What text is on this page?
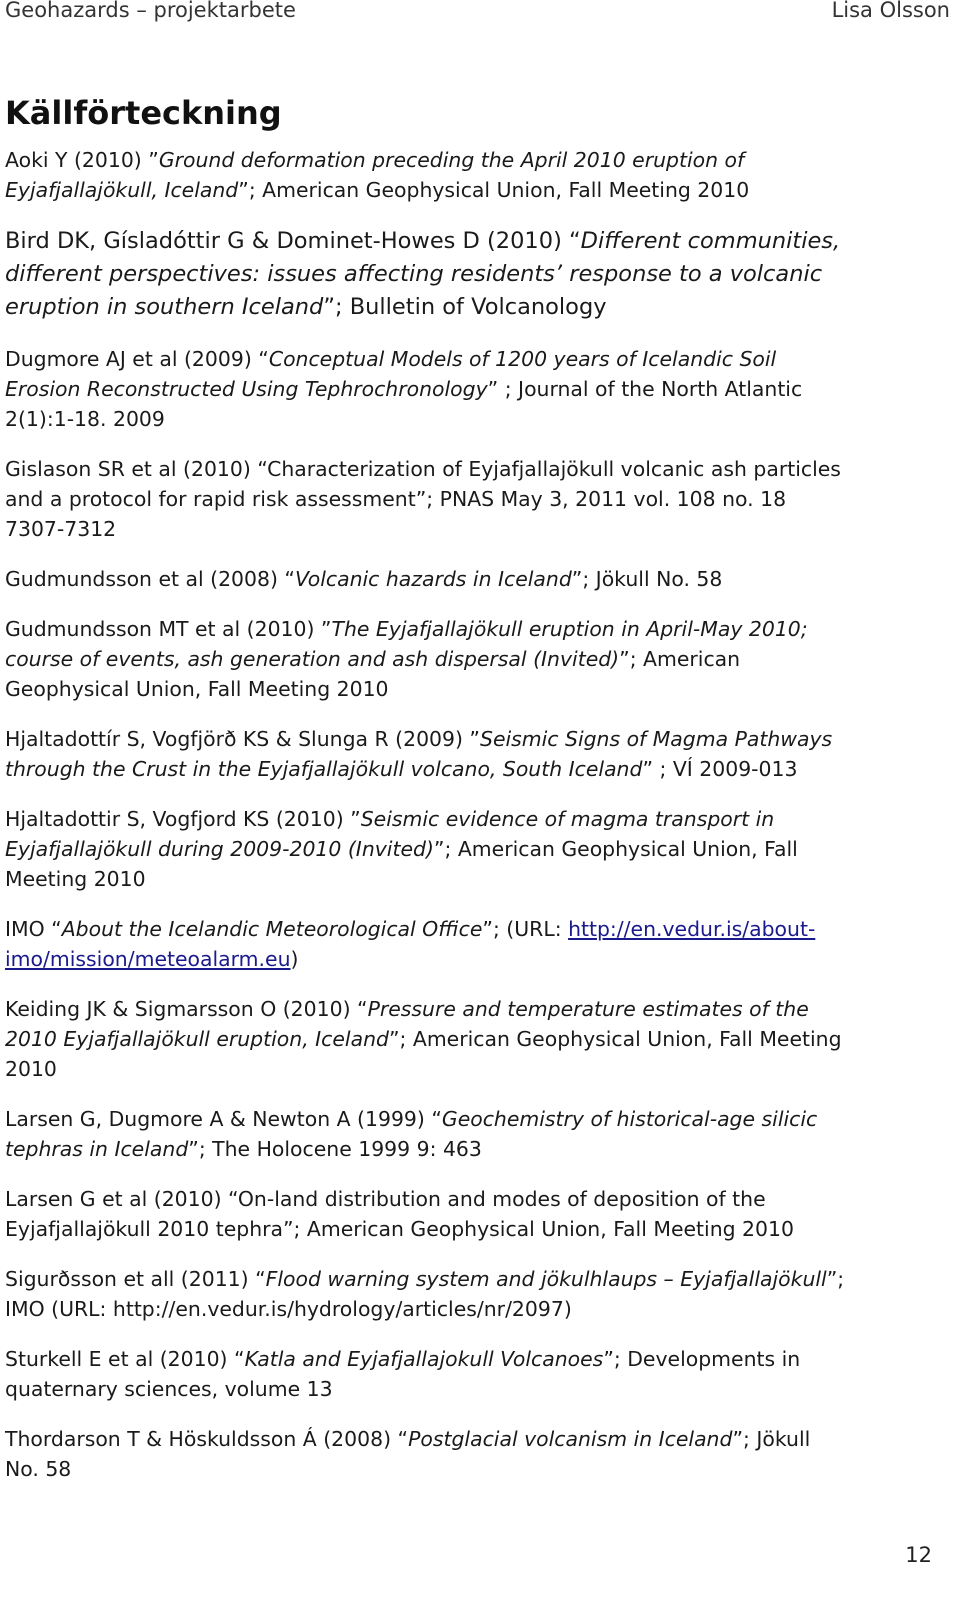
Geohazards – projektarbete	Lisa Olsson
Källförteckning

Aoki Y (2010) ”Ground deformation preceding the April 2010 eruption of
Eyjafjallajökull, Iceland”; American Geophysical Union, Fall Meeting 2010

Bird DK, Gísladóttir G & Dominet-Howes D (2010) “Different communities,
different perspectives: issues affecting residents’ response to a volcanic
eruption in southern Iceland”; Bulletin of Volcanology

Dugmore AJ et al (2009) “Conceptual Models of 1200 years of Icelandic Soil
Erosion Reconstructed Using Tephrochronology” ; Journal of the North Atlantic
2(1):1-18. 2009

Gislason SR et al (2010) “Characterization of Eyjafjallajökull volcanic ash particles
and a protocol for rapid risk assessment”; PNAS May 3, 2011 vol. 108 no. 18
7307-7312

Gudmundsson et al (2008) “Volcanic hazards in Iceland”; Jökull No. 58

Gudmundsson MT et al (2010) ”The Eyjafjallajökull eruption in April-May 2010;
course of events, ash generation and ash dispersal (Invited)”; American
Geophysical Union, Fall Meeting 2010

Hjaltadottír S, Vogfjörð KS & Slunga R (2009) ”Seismic Signs of Magma Pathways
through the Crust in the Eyjafjallajökull volcano, South Iceland” ; VÍ 2009-013

Hjaltadottir S, Vogfjord KS (2010) ”Seismic evidence of magma transport in
Eyjafjallajökull during 2009-2010 (Invited)”; American Geophysical Union, Fall
Meeting 2010

IMO “About the Icelandic Meteorological Office”; (URL: http://en.vedur.is/about-
imo/mission/meteoalarm.eu)

Keiding JK & Sigmarsson O (2010) “Pressure and temperature estimates of the
2010 Eyjafjallajökull eruption, Iceland”; American Geophysical Union, Fall Meeting
2010

Larsen G, Dugmore A & Newton A (1999) “Geochemistry of historical-age silicic
tephras in Iceland”; The Holocene 1999 9: 463

Larsen G et al (2010) “On-land distribution and modes of deposition of the
Eyjafjallajökull 2010 tephra”; American Geophysical Union, Fall Meeting 2010

Sigurðsson et all (2011) “Flood warning system and jökulhlaups – Eyjafjallajökull”;
IMO (URL: http://en.vedur.is/hydrology/articles/nr/2097)

Sturkell E et al (2010) “Katla and Eyjafjallajokull Volcanoes”; Developments in
quaternary sciences, volume 13

Thordarson T & Höskuldsson Á (2008) “Postglacial volcanism in Iceland”; Jökull
No. 58

12
